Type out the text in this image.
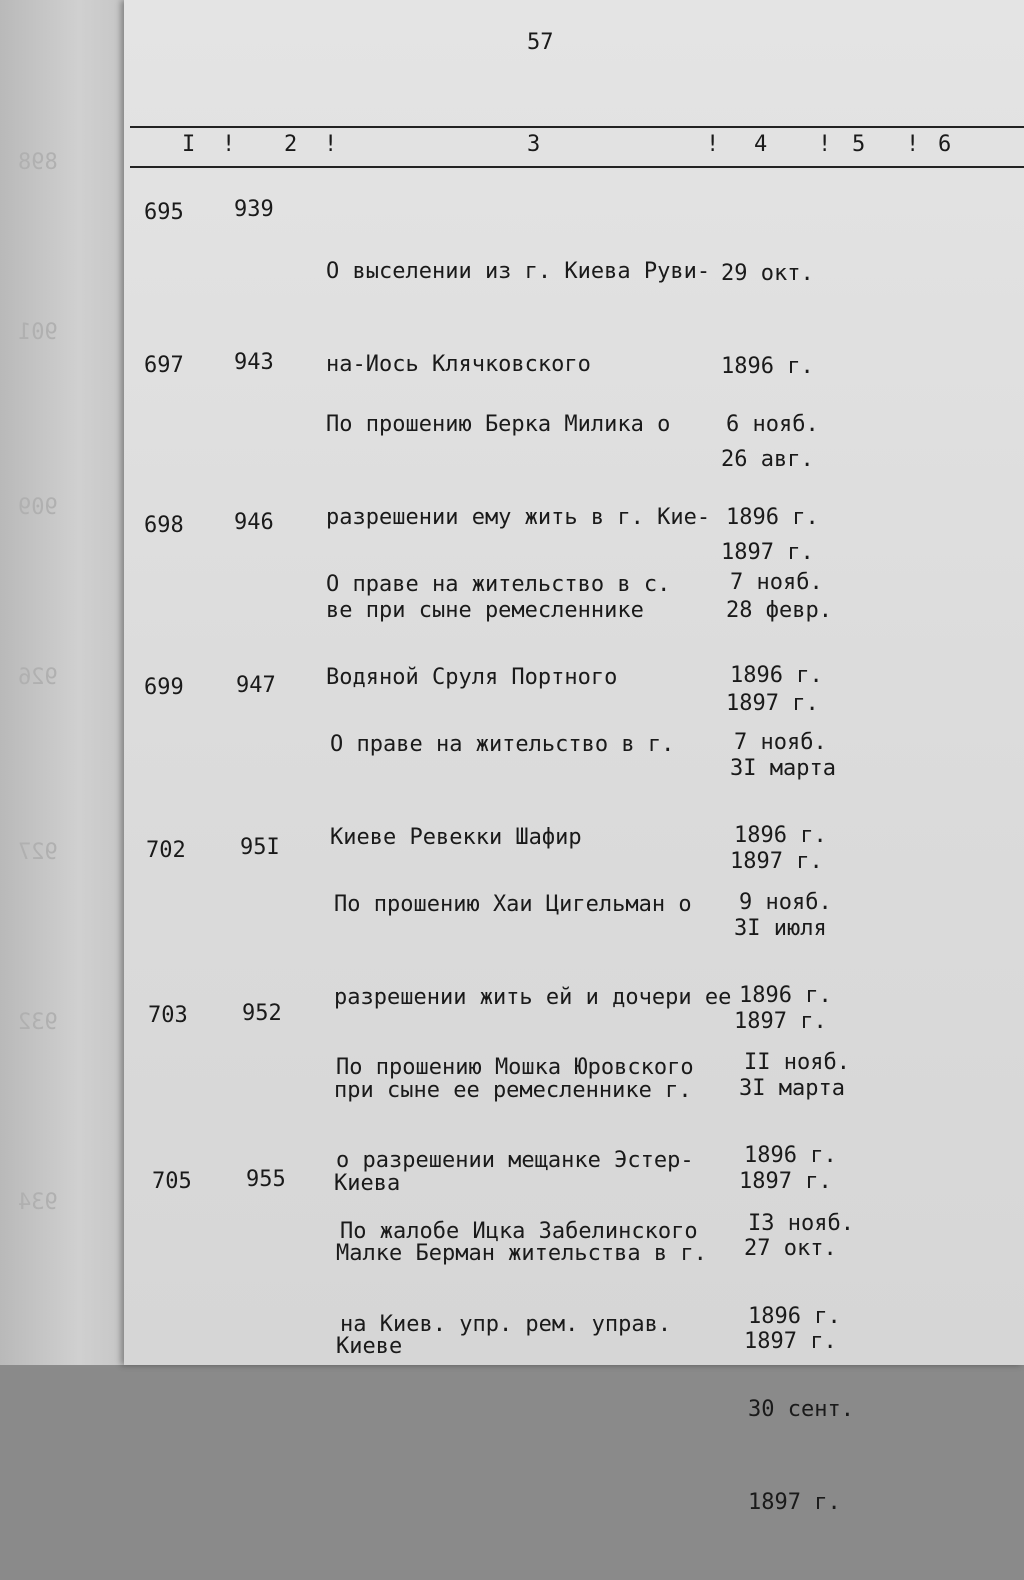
898
901
909
926
927
932
934
57
I ! 2 !	3	! 4 ! 5 ! 6
695 939

О выселении из г. Киева Руви-

на-Иось Клячковского

29 окт.

1896 г.

26 авг.

1897 г.

697 943

По прошению Берка Милика о

разрешении ему жить в г. Кие-

ве при сыне ремесленнике

6 нояб.

1896 г.

28 февр.

1897 г.

698 946

О праве на жительство в с.

Водяной Сруля Портного

7 нояб.

1896 г.

3I марта

1897 г.

699 947

О праве на жительство в г.

Киеве Ревекки Шафир

7 нояб.

1896 г.

3I июля

1897 г.

702 95I

По прошению Хаи Цигельман о

разрешении жить ей и дочери ее

при сыне ее ремесленнике г.

Киева

9 нояб.

1896 г.

3I марта

1897 г.

703 952

По прошению Мошка Юровского

о разрешении мещанке Эстер-

Малке Берман жительства в г.

Киеве

II нояб.

1896 г.

27 окт.

1897 г.

705 955

По жалобе Ицка Забелинского

на Киев. упр. рем. управ.

I3 нояб.

1896 г.

30 сент.

1897 г.
